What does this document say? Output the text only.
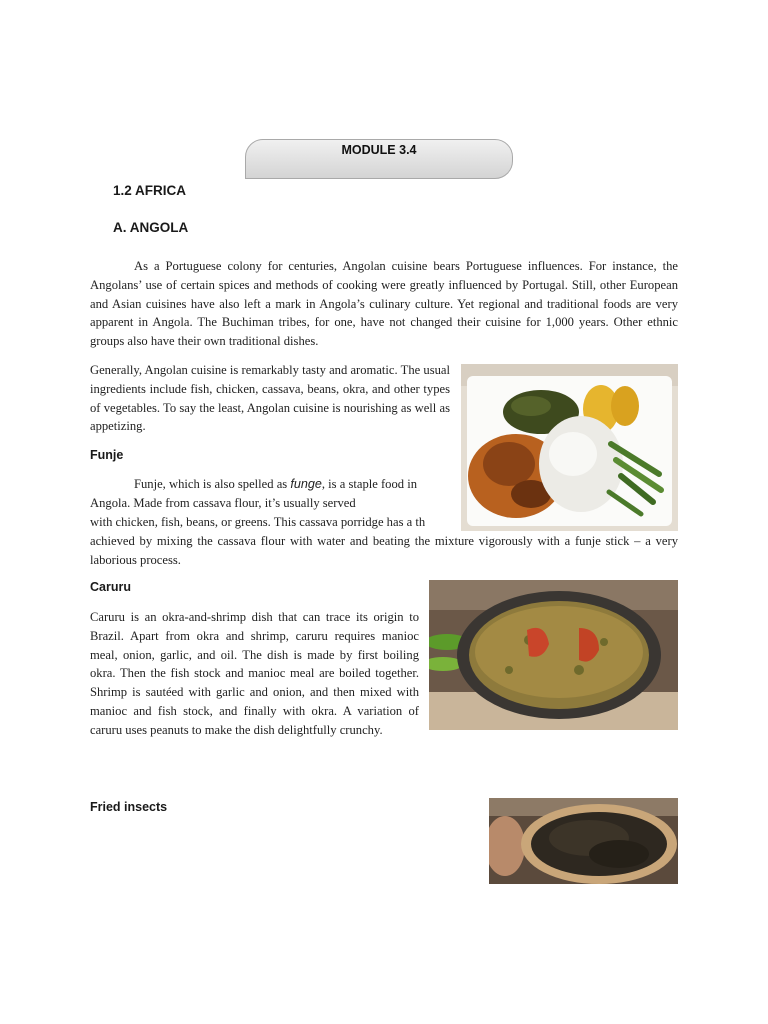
MODULE 3.4
1.2 AFRICA
A. ANGOLA

As a Portuguese colony for centuries, Angolan cuisine bears Portuguese influences. For instance, the Angolans’ use of certain spices and methods of cooking were greatly influenced by Portugal. Still, other European and Asian cuisines have also left a mark in Angola’s culinary culture. Yet regional and traditional foods are very apparent in Angola. The Buchiman tribes, for one, have not changed their cuisine for 1,000 years. Other ethnic groups also have their own traditional dishes.

Generally, Angolan cuisine is remarkably tasty and aromatic. The usual ingredients include fish, chicken, cassava, beans, okra, and other types of vegetables. To say the least, Angolan cuisine is nourishing as well as appetizing.

Funje
Funje, which is also spelled as funge, is a staple food in
Angola. Made from cassava flour, it’s usually served
with chicken, fish, beans, or greens. This cassava porridge has a th

achieved by mixing the cassava flour with water and beating the mixture vigorously with a funje stick – a very laborious process.

Caruru

Caruru is an okra-and-shrimp dish that can trace its origin to Brazil. Apart from okra and shrimp, caruru requires manioc meal, onion, garlic, and oil. The dish is made by first boiling okra. Then the fish stock and manioc meal are boiled together. Shrimp is sautéed with garlic and onion, and then mixed with manioc and fish stock, and finally with okra. A variation of caruru uses peanuts to make the dish delightfully crunchy.

Fried insects
